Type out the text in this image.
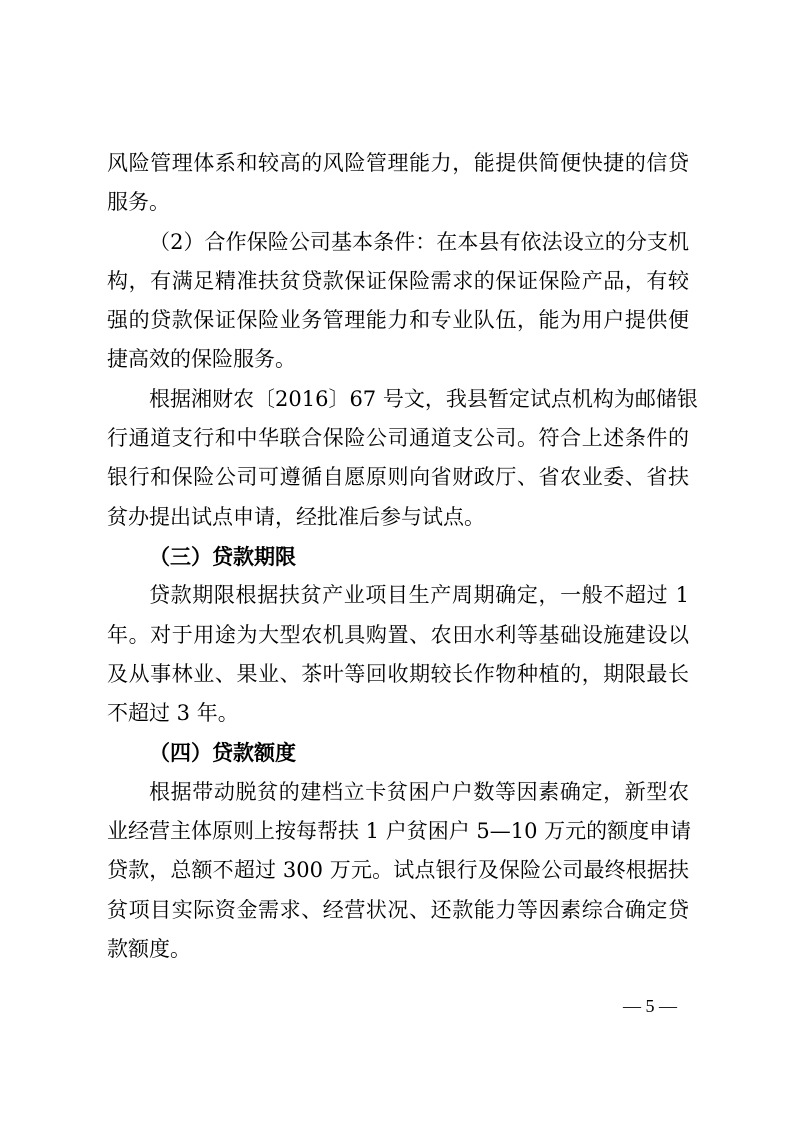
风险管理体系和较高的风险管理能力，能提供简便快捷的信贷
服务。
（2）合作保险公司基本条件：在本县有依法设立的分支机
构，有满足精准扶贫贷款保证保险需求的保证保险产品，有较
强的贷款保证保险业务管理能力和专业队伍，能为用户提供便
捷高效的保险服务。
根据湘财农〔2016〕67 号文，我县暂定试点机构为邮储银
行通道支行和中华联合保险公司通道支公司。符合上述条件的
银行和保险公司可遵循自愿原则向省财政厅、省农业委、省扶
贫办提出试点申请，经批准后参与试点。
（三）贷款期限
贷款期限根据扶贫产业项目生产周期确定，一般不超过 1
年。对于用途为大型农机具购置、农田水利等基础设施建设以
及从事林业、果业、茶叶等回收期较长作物种植的，期限最长
不超过 3 年。
（四）贷款额度
根据带动脱贫的建档立卡贫困户户数等因素确定，新型农
业经营主体原则上按每帮扶 1 户贫困户 5—10 万元的额度申请
贷款，总额不超过 300 万元。试点银行及保险公司最终根据扶
贫项目实际资金需求、经营状况、还款能力等因素综合确定贷
款额度。
— 5 —
